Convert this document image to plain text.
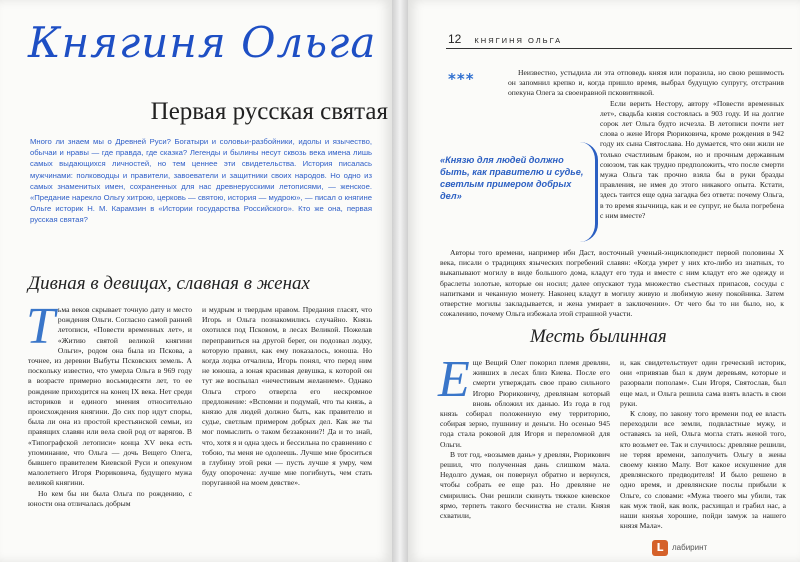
Княгиня Ольга
Первая русская святая
Много ли знаем мы о Древней Руси? Богатыри и соловьи-разбойники, идолы и язычество, обычаи и нравы — где правда, где сказка? Легенды и былины несут сквозь века имена лишь самых выдающихся личностей, но тем ценнее эти свидетельства. История писалась мужчинами: полководцы и правители, завоеватели и защитники своих народов. Но одно из самых знаменитых имен, сохраненных для нас древнерусскими летописями, — женское. «Предание нарекло Ольгу хитрою, церковь — святою, история — мудрою», — писал о княгине Ольге историк Н. М. Карамзин в «Истории государства Российского». Кто же она, первая русская святая?
Дивная в девицах, славная в женах

Тьма веков скрывает точную дату и место рождения Ольги. Согласно самой ранней летописи, «Повести временных лет», и «Житию святой великой княгини Ольги», родом она была из Пскова, а точнее, из деревни Выбуты Псковских земель. А поскольку известно, что умерла Ольга в 969 году в возрасте примерно восьмидесяти лет, то ее рождение приходится на конец IX века. Нет среди историков и единого мнения относительно происхождения княгини. До сих пор идут споры, была ли она из простой крестьянской семьи, из правящих славян или вела свой род от варягов. В «Типографской летописи» конца XV века есть упоминание, что Ольга — дочь Вещего Олега, бывшего правителем Киевской Руси и опекуном малолетнего Игоря Рюриковича, будущего мужа великой княгини.

Но кем бы ни была Ольга по рождению, с юности она отличалась добрым

и мудрым и твердым нравом. Предания гласят, что Игорь и Ольга познакомились случайно. Князь охотился под Псковом, в лесах Великой. Пожелав переправиться на другой берег, он подозвал лодку, которую правил, как ему показалось, юноша. Но когда лодка отчалила, Игорь понял, что перед ним не юноша, а юная красивая девушка, к которой он тут же воспылал «нечестивым желанием». Однако Ольга строго отвергла его нескромное предложение: «Вспомни и подумай, что ты князь, а князю для людей должно быть, как правителю и судье, светлым примером добрых дел. Как же ты мог помыслить о таком беззаконии?! Да и то знай, что, хотя я и одна здесь и бессильна по сравнению с тобою, ты меня не одолеешь. Лучше мне броситься в глубину этой реки — пусть лучше я умру, чем буду опорочена: лучше мне погибнуть, чем стать поруганной на моем девстве».

12 КНЯГИНЯ ОЛЬГА
***	Неизвестно, устыдила ли эта отповедь князя или поразила, но свою решимость он запомнил крепко и, когда пришло время, выбрал будущую супругу, отстранив опекуна Олега за своенравной псковитянкой.

Если верить Нестору, автору «Повести временных лет», свадьба князя состоялась в 903 году. И на долгие сорок лет Ольга будто исчезла. В летописи почти нет слова о жене Игоря Рюриковича, кроме рождения в 942 году их сына Святослава. Но думается, что они жили не только счастливым браком, но и прочным державным союзом, так как трудно предположить, что после смерти мужа Ольга так прочно взяла бы в руки бразды правления, не имея до этого никакого опыта. Кстати, здесь таится еще одна загадка без ответа: почему Ольга, в то время язычница, как и ее супруг, не была погребена с ним вместе?

Авторы того времени, например ибн Даст, восточный ученый-энциклопедист первой половины X века, писали о традициях языческих погребений славян: «Когда умрет у них кто-либо из знатных, то выкапывают могилу в виде большого дома, кладут его туда и вместе с ним кладут его же одежду и браслеты золотые, которые он носил; далее опускают туда множество съестных припасов, сосуды с напитками и чеканную монету. Наконец кладут в могилу живую и любимую жену покойника. Затем отверстие могилы закладывается, и жена умирает в заключении». От чего бы то ни было, но, к сожалению, почему Ольга избежала этой страшной участи.

«Князю для людей должно быть, как правителю и судье, светлым примером добрых дел»
Месть былинная

Еще Вещий Олег покорил племя древлян, живших в лесах близ Киева. После его смерти утверждать свое право сильного Игорю Рюриковичу, древлянам который вновь обложил их данью. Из года в год князь собирал положенную ему территорию, собирая зерно, пушнину и деньги. Но осенью 945 года стала роковой для Игоря и переломной для Ольги.

В тот год, «возымев дань» у древлян, Рюрикович решил, что полученная дань слишком мала. Недолго думая, он повернул обратно и вернулся, чтобы собрать ее еще раз. Но древляне не смирились. Они решили скинуть тяжкое киевское ярмо, терпеть такого бесчинства не стали. Князя схватили,

и, как свидетельствует один греческий историк, они «привязав был к двум деревьям, которые и разорвали пополам». Сын Игоря, Святослав, был еще мал, и Ольга решила сама взять власть в свои руки.

К слову, по закону того времени под ее власть переходили все земли, подвластные мужу, и оставаясь за ней, Ольга могла стать женой того, кто возьмет ее. Так и случилось: древляне решили, не теряя времени, заполучить Ольгу в жены своему князю Малу. Вот какое искушение для древлянского предводителя! И было решено в одно время, и древлянские послы прибыли к Ольге, со словами: «Мужа твоего мы убили, так как муж твой, как волк, расхищал и грабил нас, а наши князья хорошие, пойди замуж за нашего князя Мала».

L	лабиринт
